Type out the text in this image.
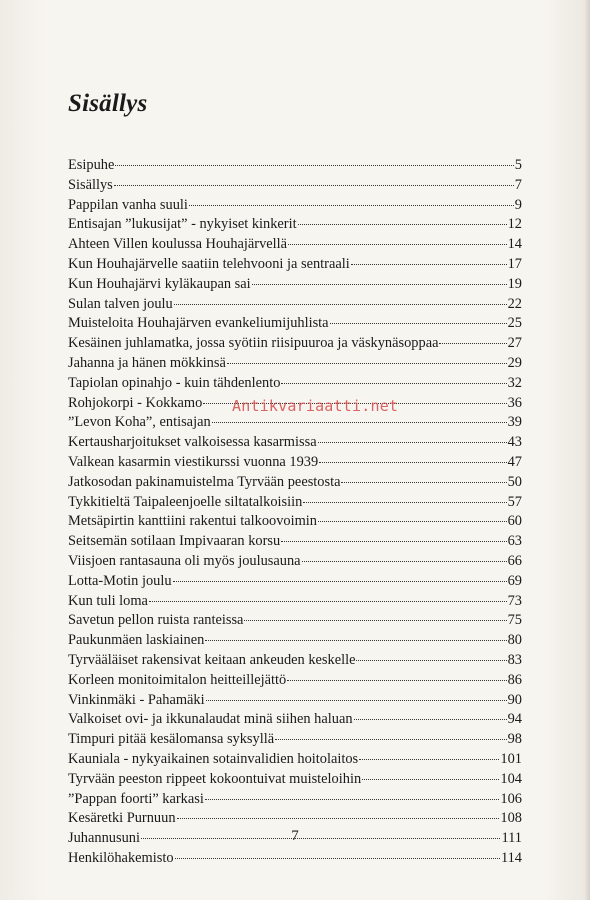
Sisällys
Esipuhe	5
Sisällys	7
Pappilan vanha suuli	9
Entisajan ”lukusijat” - nykyiset kinkerit	12
Ahteen Villen koulussa Houhajärvellä	14
Kun Houhajärvelle saatiin telehvooni ja sentraali	17
Kun Houhajärvi kyläkaupan sai	19
Sulan talven joulu	22
Muisteloita Houhajärven evankeliumijuhlista	25
Kesäinen juhlamatka, jossa syötiin riisipuuroa ja väskynäsoppaa	27
Jahanna ja hänen mökkinsä	29
Tapiolan opinahjo - kuin tähdenlento	32
Rohjokorpi - Kokkamo	36
”Levon Koha”, entisajan	39
Kertausharjoitukset valkoisessa kasarmissa	43
Valkean kasarmin viestikurssi vuonna 1939	47
Jatkosodan pakinamuistelma Tyrvään peestosta	50
Tykkitieltä Taipaleenjoelle siltatalkoisiin	57
Metsäpirtin kanttiini rakentui talkoovoimin	60
Seitsemän sotilaan Impivaaran korsu	63
Viisjoen rantasauna oli myös joulusauna	66
Lotta-Motin joulu	69
Kun tuli loma	73
Savetun pellon ruista ranteissa	75
Paukunmäen laskiainen	80
Tyrvääläiset rakensivat keitaan ankeuden keskelle	83
Korleen monitoimitalon heitteillejättö	86
Vinkinmäki - Pahamäki	90
Valkoiset ovi- ja ikkunalaudat minä siihen haluan	94
Timpuri pitää kesälomansa syksyllä	98
Kauniala - nykyaikainen sotainvalidien hoitolaitos	101
Tyrvään peeston rippeet kokoontuivat muisteloihin	104
”Pappan foorti” karkasi	106
Kesäretki Purnuun	108
Juhannusuni	111
Henkilöhakemisto	114
Antikvariaatti.net
7
